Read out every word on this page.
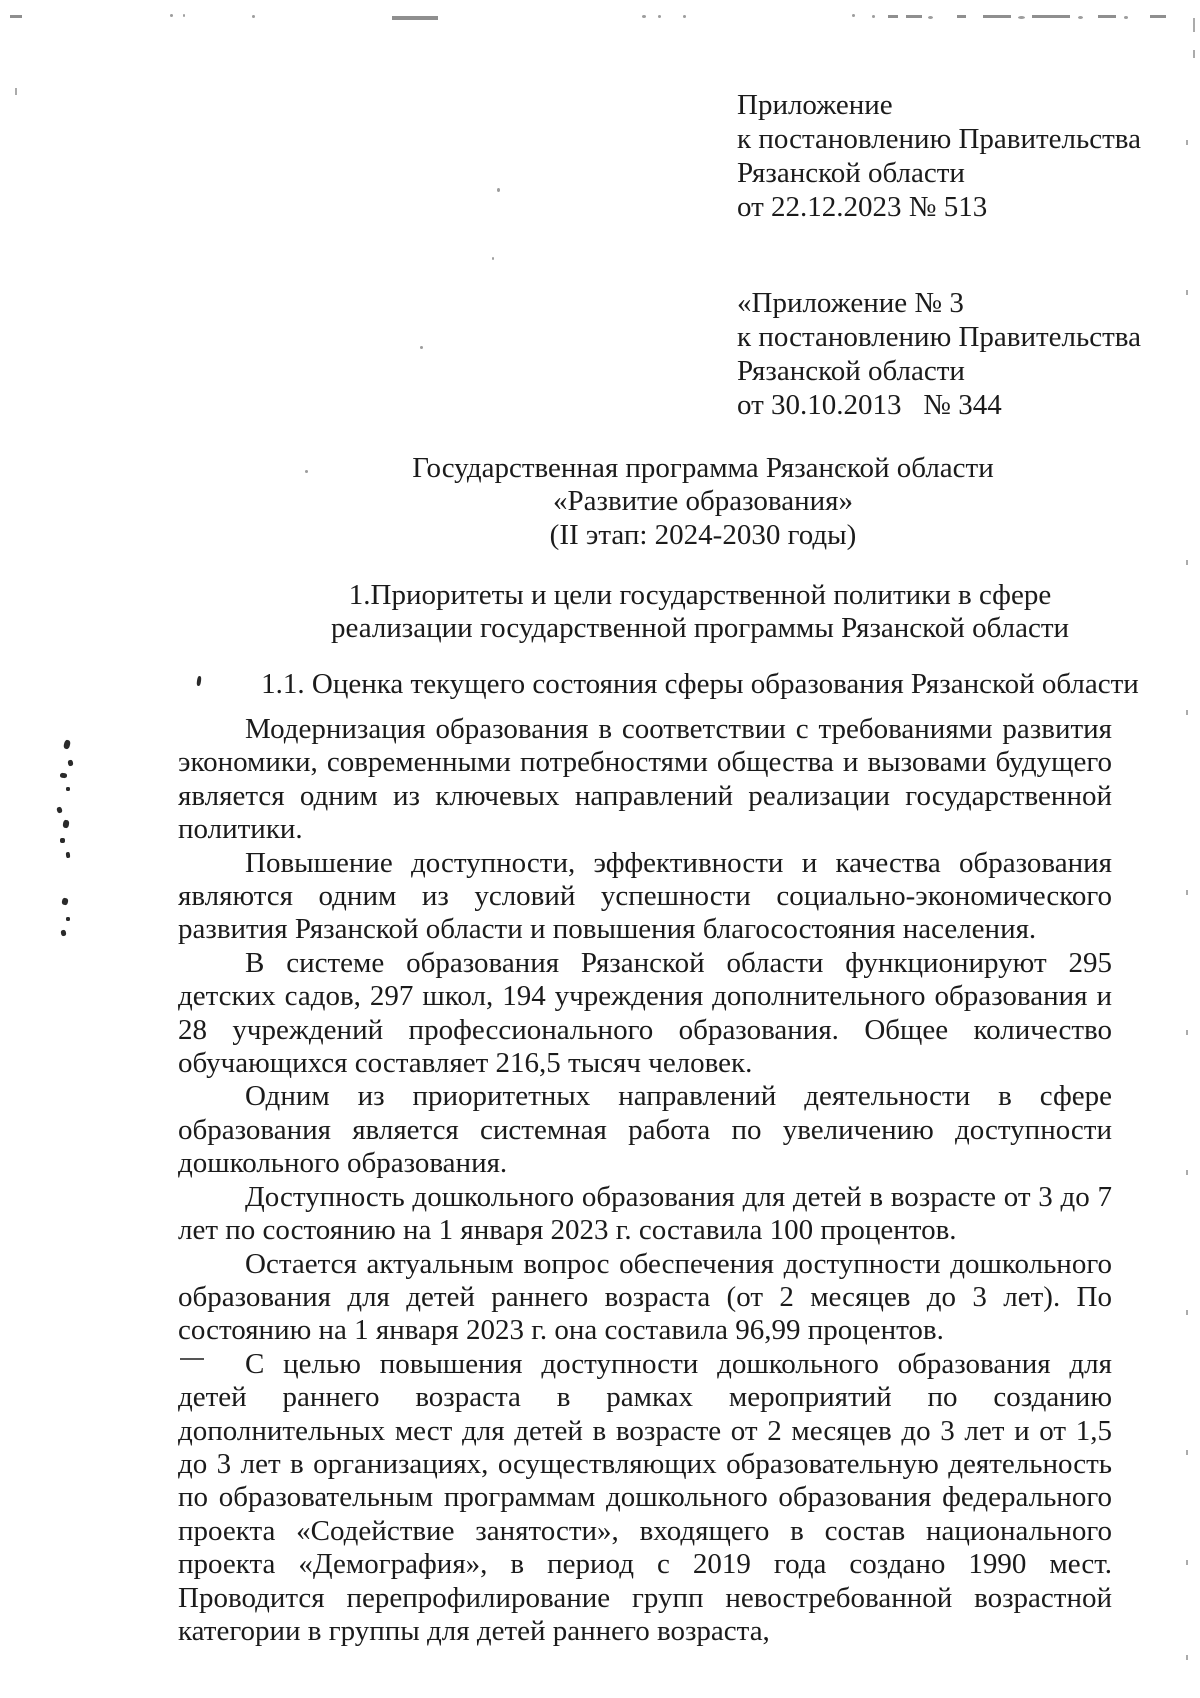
Приложение
к постановлению Правительства
Рязанской области
от 22.12.2023 № 513
«Приложение № 3
к постановлению Правительства
Рязанской области
от 30.10.2013   № 344
Государственная программа Рязанской области
«Развитие образования»
(II этап: 2024-2030 годы)
1.Приоритеты и цели государственной политики в сфере
реализации государственной программы Рязанской области
1.1. Оценка текущего состояния сферы образования Рязанской области

Модернизация образования в соответствии с требованиями развития экономики, современными потребностями общества и вызовами будущего является одним из ключевых направлений реализации государственной политики.

Повышение доступности, эффективности и качества образования являются одним из условий успешности социально-экономического развития Рязанской области и повышения благосостояния населения.

В системе образования Рязанской области функционируют 295 детских садов, 297 школ, 194 учреждения дополнительного образования и 28 учреждений профессионального образования. Общее количество обучающихся составляет 216,5 тысяч человек.

Одним из приоритетных направлений деятельности в сфере образования является системная работа по увеличению доступности дошкольного образования.

Доступность дошкольного образования для детей в возрасте от 3 до 7 лет по состоянию на 1 января 2023 г. составила 100 процентов.

Остается актуальным вопрос обеспечения доступности дошкольного образования для детей раннего возраста (от 2 месяцев до 3 лет). По состоянию на 1 января 2023 г. она составила 96,99 процентов.

С целью повышения доступности дошкольного образования для детей раннего возраста в рамках мероприятий по созданию дополнительных мест для детей в возрасте от 2 месяцев до 3 лет и от 1,5 до 3 лет в организациях, осуществляющих образовательную деятельность по образовательным программам дошкольного образования федерального проекта «Содействие занятости», входящего в состав национального проекта «Демография», в период с 2019 года создано 1990 мест. Проводится перепрофилирование групп невостребованной возрастной категории в группы для детей раннего возраста,
